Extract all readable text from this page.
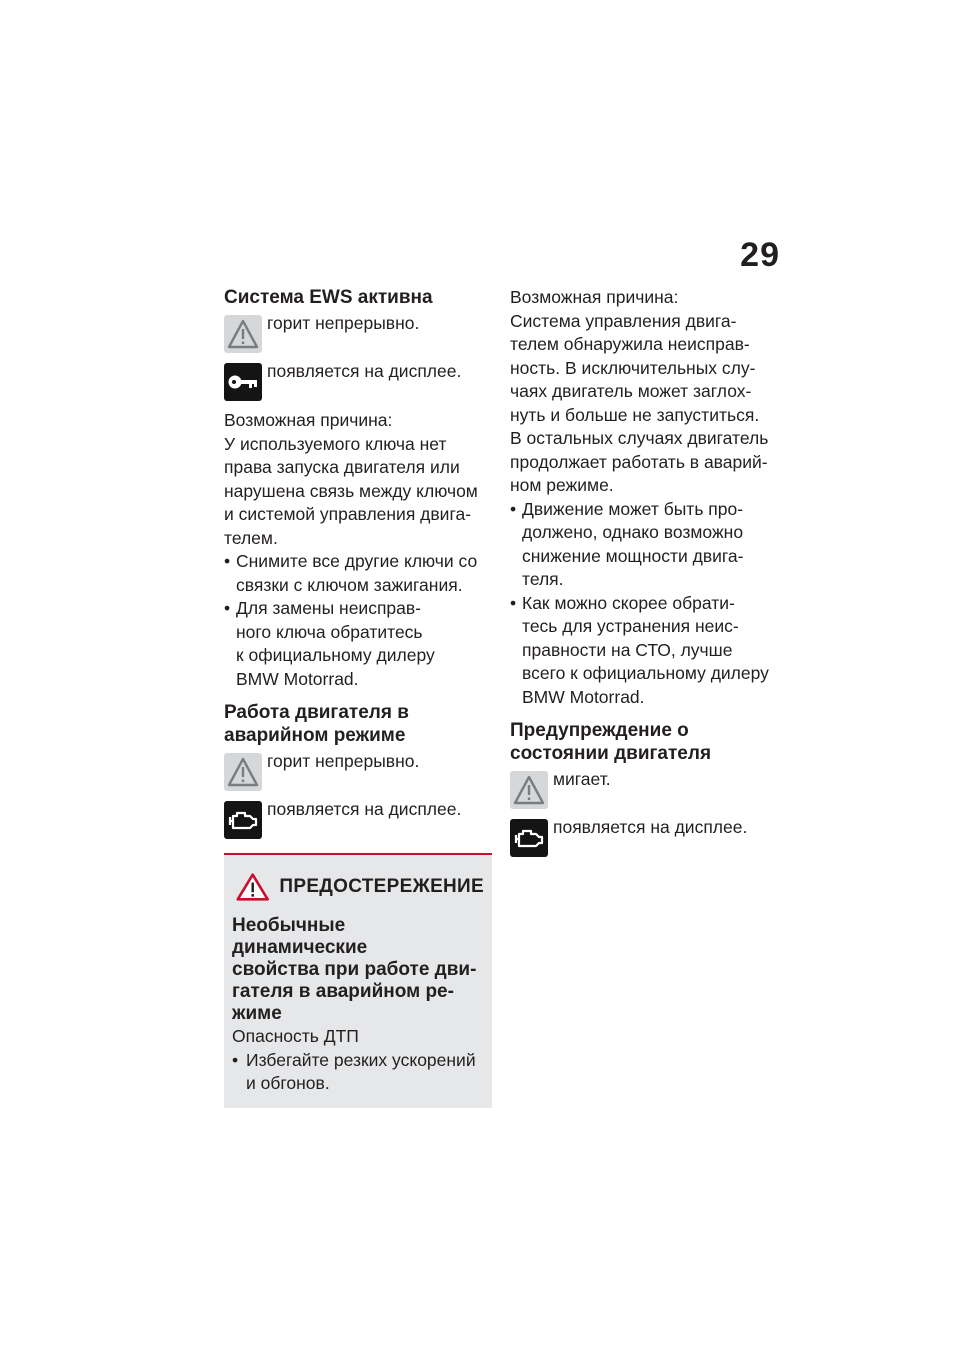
29
Система EWS активна
горит непрерывно.
появляется на дисплее.

Возможная причина:

У используемого ключа нет

права запуска двигателя или

нарушена связь между ключом

и системой управления двига-

телем.

• Снимите все другие ключи со
связки с ключом зажигания.
• Для замены неисправ-
ного ключа обратитесь
к официальному дилеру
BMW Motorrad.
Работа двигателя в
аварийном режиме
горит непрерывно.
появляется на дисплее.
ПРЕДОСТЕРЕЖЕНИЕ
Необычные динамические
свойства при работе дви-
гателя в аварийном ре-
жиме

Опасность ДТП

• Избегайте резких ускорений
и обгонов.

Возможная причина:

Система управления двига-

телем обнаружила неисправ-

ность. В исключительных слу-

чаях двигатель может заглох-

нуть и больше не запуститься.

В остальных случаях двигатель

продолжает работать в аварий-

ном режиме.

• Движение может быть про-
должено, однако возможно
снижение мощности двига-
теля.
• Как можно скорее обрати-
тесь для устранения неис-
правности на СТО, лучше
всего к официальному дилеру
BMW Motorrad.
Предупреждение о
состоянии двигателя
мигает.
появляется на дисплее.
